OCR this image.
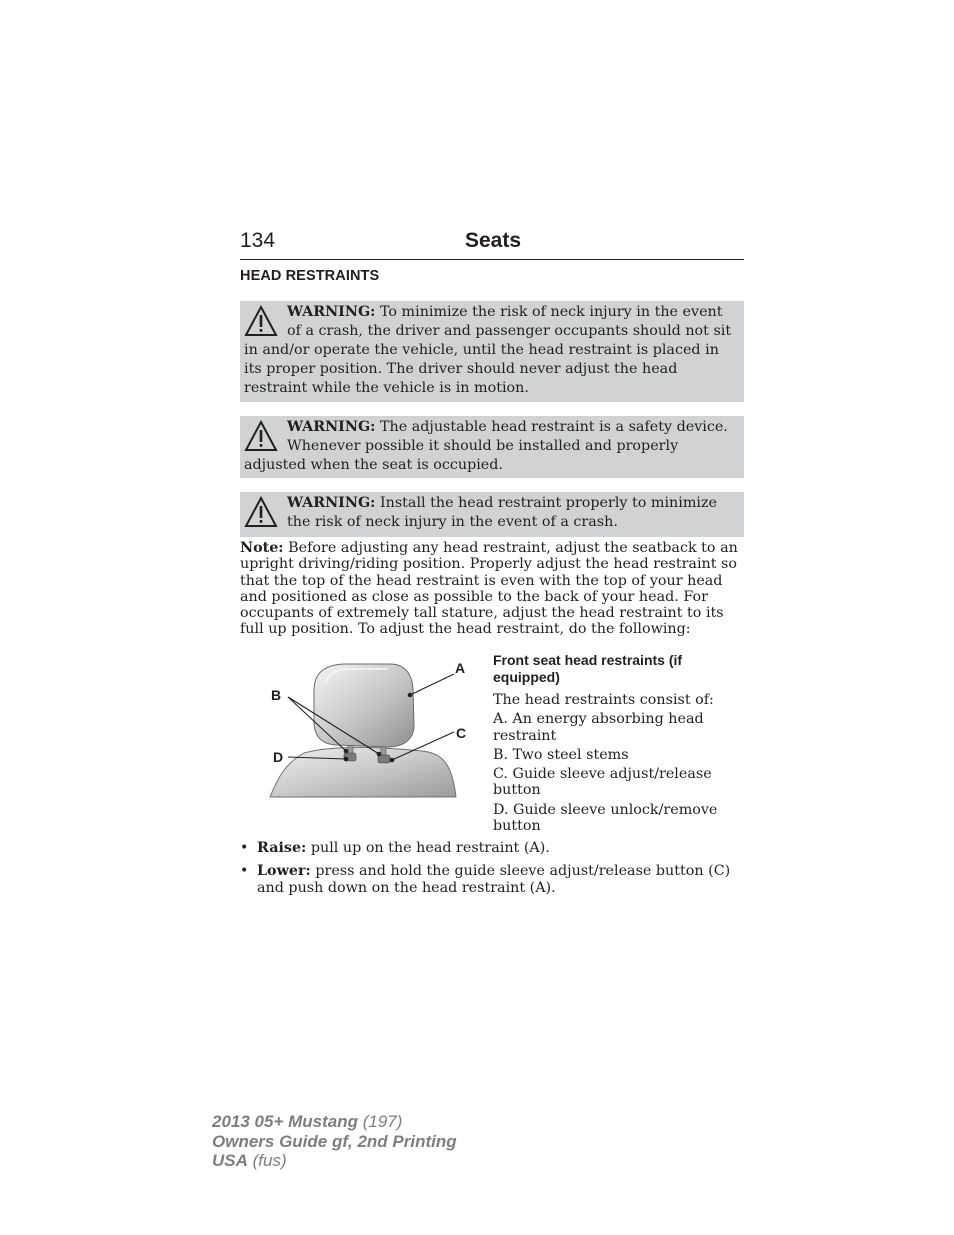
134	Seats
HEAD RESTRAINTS
WARNING: To minimize the risk of neck injury in the event of a crash, the driver and passenger occupants should not sit in and/or operate the vehicle, until the head restraint is placed in its proper position. The driver should never adjust the head restraint while the vehicle is in motion.
WARNING: The adjustable head restraint is a safety device. Whenever possible it should be installed and properly adjusted when the seat is occupied.
WARNING: Install the head restraint properly to minimize the risk of neck injury in the event of a crash.
Note: Before adjusting any head restraint, adjust the seatback to an upright driving/riding position. Properly adjust the head restraint so that the top of the head restraint is even with the top of your head and positioned as close as possible to the back of your head. For occupants of extremely tall stature, adjust the head restraint to its full up position. To adjust the head restraint, do the following:
A
B
C
D
Front seat head restraints (if equipped)
The head restraints consist of:
A. An energy absorbing head restraint
B. Two steel stems
C. Guide sleeve adjust/release button
D. Guide sleeve unlock/remove button
• Raise: pull up on the head restraint (A).
• Lower: press and hold the guide sleeve adjust/release button (C) and push down on the head restraint (A).
2013 05+ Mustang (197)
Owners Guide gf, 2nd Printing
USA (fus)
